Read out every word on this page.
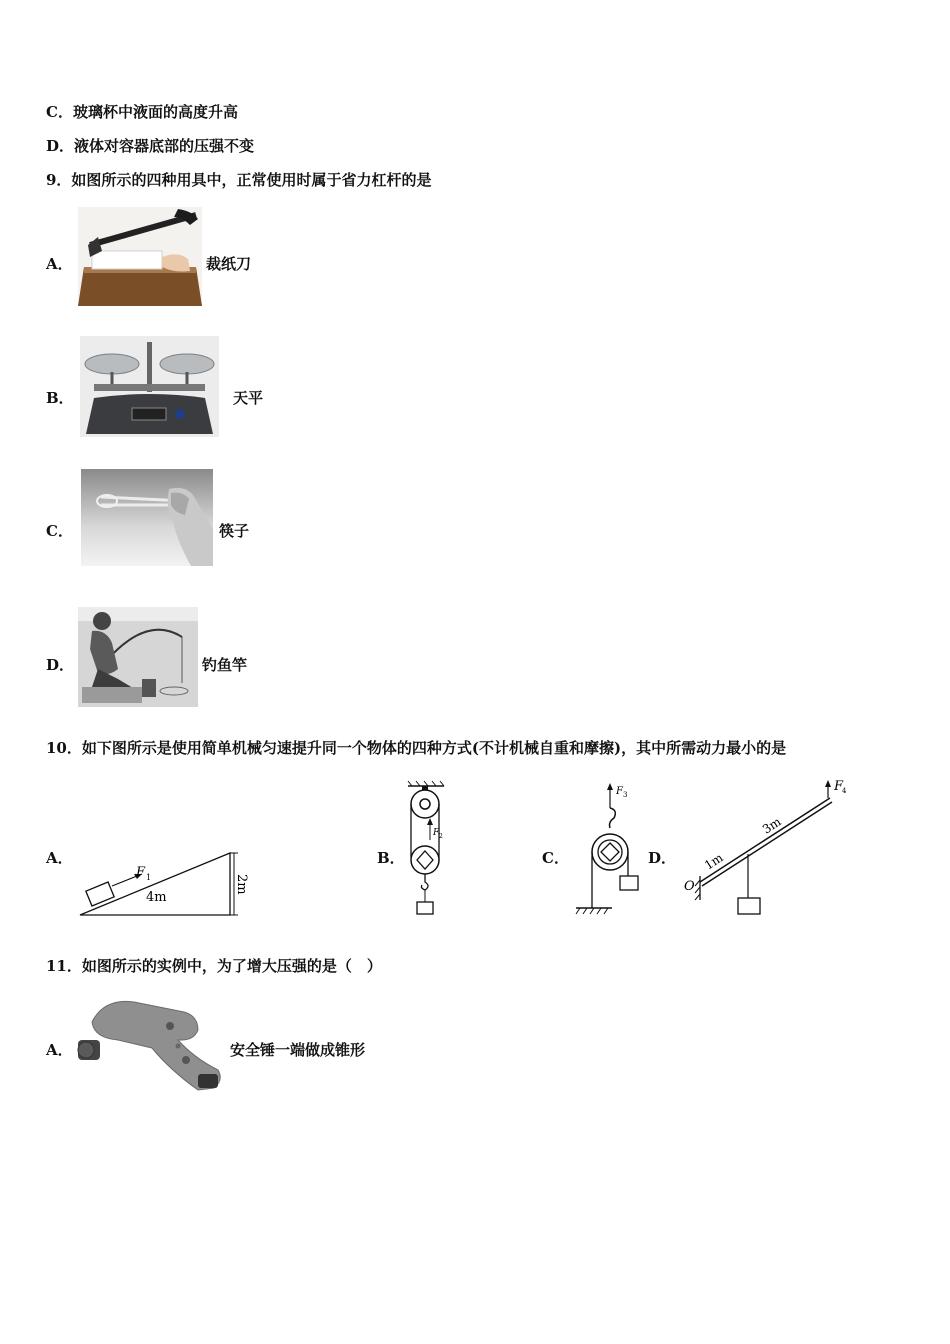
C．玻璃杯中液面的高度升高
D．液体对容器底部的压强不变
9．如图所示的四种用具中，正常使用时属于省力杠杆的是
A．	裁纸刀
B．	天平
C．	筷子
D．	钓鱼竿
10．如下图所示是使用简单机械匀速提升同一个物体的四种方式(不计机械自重和摩擦)，其中所需动力最小的是
A．
F 1
4m
2m
B．
F 2
C．
F 3
D．
O
F
4
1m
3m
11．如图所示的实例中，为了增大压强的是（　）
A．	安全锤一端做成锥形
